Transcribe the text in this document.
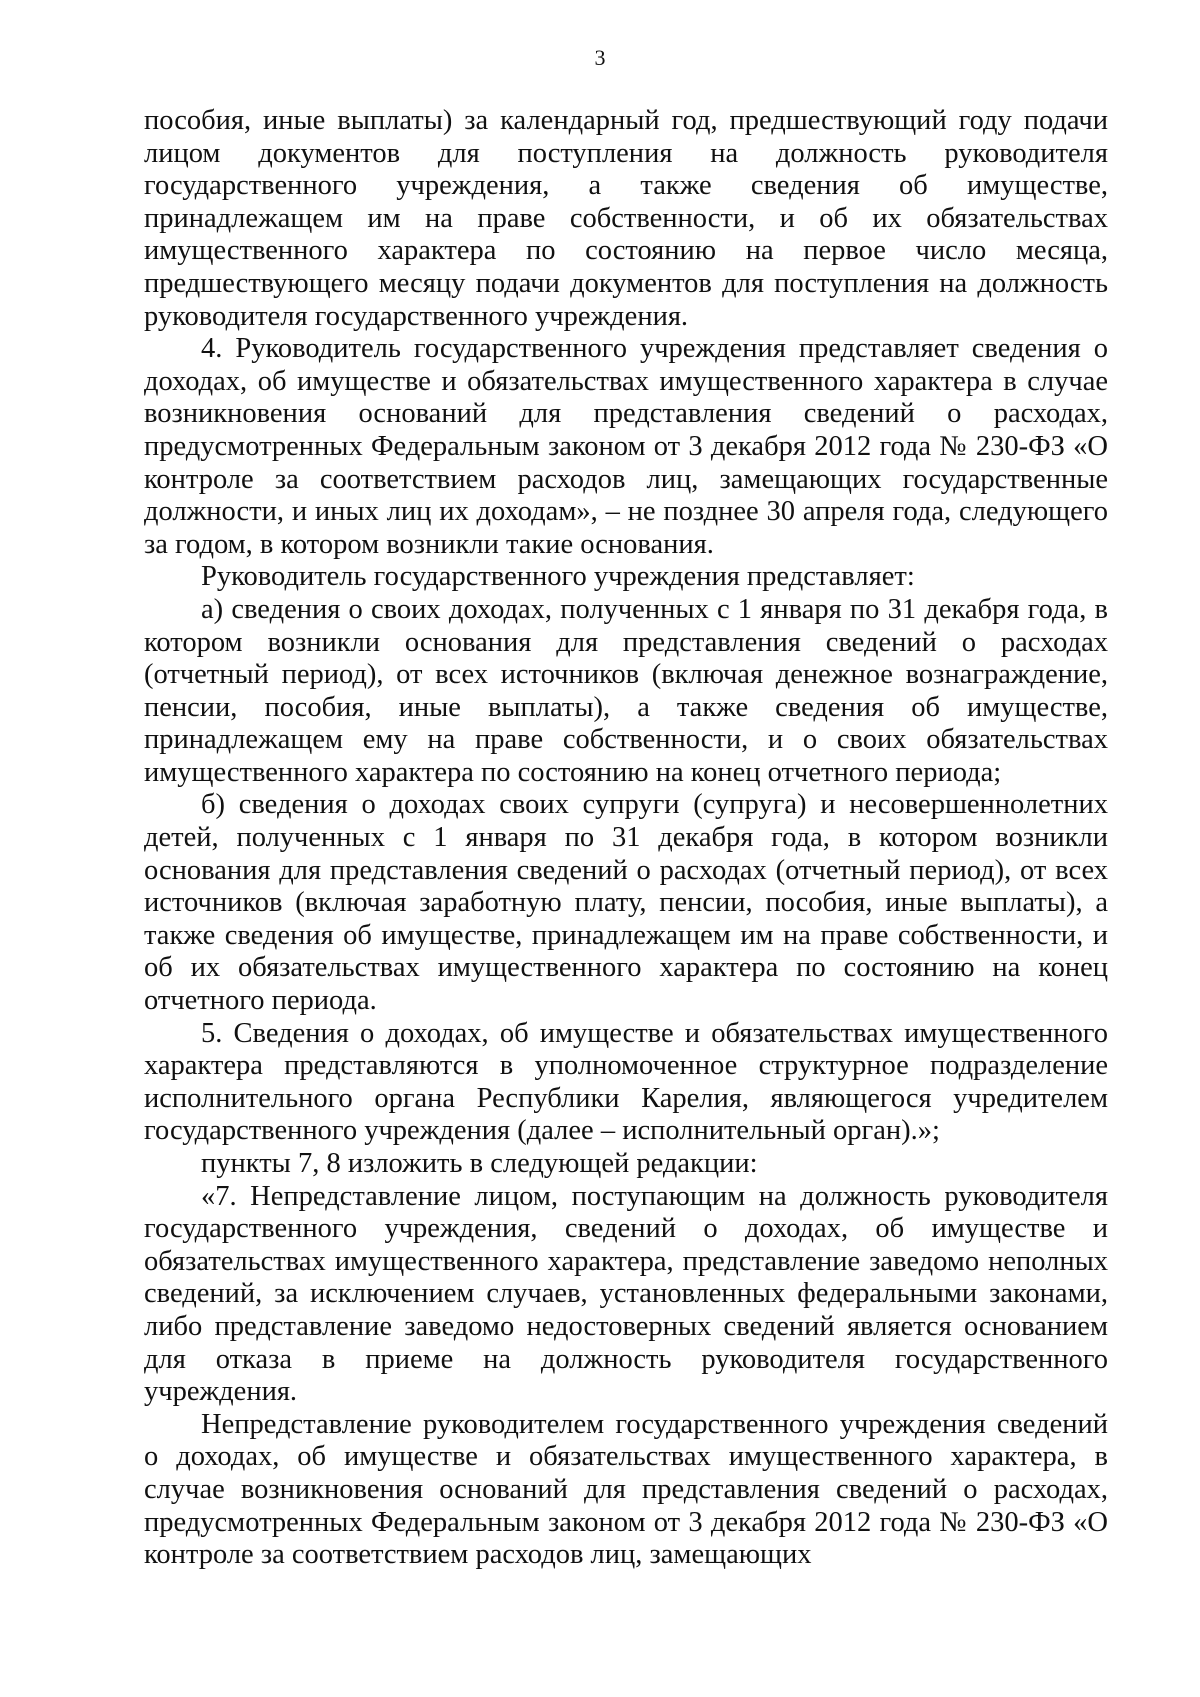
3

пособия, иные выплаты) за календарный год, предшествующий году подачи лицом документов для поступления на должность руководителя государственного учреждения, а также сведения об имуществе, принадлежащем им на праве собственности, и об их обязательствах имущественного характера по состоянию на первое число месяца, предшествующего месяцу подачи документов для поступления на должность руководителя государственного учреждения.

4. Руководитель государственного учреждения представляет сведения о доходах, об имуществе и обязательствах имущественного характера в случае возникновения оснований для представления сведений о расходах, предусмотренных Федеральным законом от 3 декабря 2012 года № 230-ФЗ «О контроле за соответствием расходов лиц, замещающих государственные должности, и иных лиц их доходам», – не позднее 30 апреля года, следующего за годом, в котором возникли такие основания.

Руководитель государственного учреждения представляет:

а) сведения о своих доходах, полученных с 1 января по 31 декабря года, в котором возникли основания для представления сведений о расходах (отчетный период), от всех источников (включая денежное вознаграждение, пенсии, пособия, иные выплаты), а также сведения об имуществе, принадлежащем ему на праве собственности, и о своих обязательствах имущественного характера по состоянию на конец отчетного периода;

б) сведения о доходах своих супруги (супруга) и несовершеннолетних детей, полученных с 1 января по 31 декабря года, в котором возникли основания для представления сведений о расходах (отчетный период), от всех источников (включая заработную плату, пенсии, пособия, иные выплаты), а также сведения об имуществе, принадлежащем им на праве собственности, и об их обязательствах имущественного характера по состоянию на конец отчетного периода.

5. Сведения о доходах, об имуществе и обязательствах имущественного характера представляются в уполномоченное структурное подразделение исполнительного органа Республики Карелия, являющегося учредителем государственного учреждения (далее – исполнительный орган).»;

пункты 7, 8 изложить в следующей редакции:

«7. Непредставление лицом, поступающим на должность руководителя государственного учреждения, сведений о доходах, об имуществе и обязательствах имущественного характера, представление заведомо неполных сведений, за исключением случаев, установленных федеральными законами, либо представление заведомо недостоверных сведений является основанием для отказа в приеме на должность руководителя государственного учреждения.

Непредставление руководителем государственного учреждения сведений о доходах, об имуществе и обязательствах имущественного характера, в случае возникновения оснований для представления сведений о расходах, предусмотренных Федеральным законом от 3 декабря 2012 года № 230-ФЗ «О контроле за соответствием расходов лиц, замещающих
